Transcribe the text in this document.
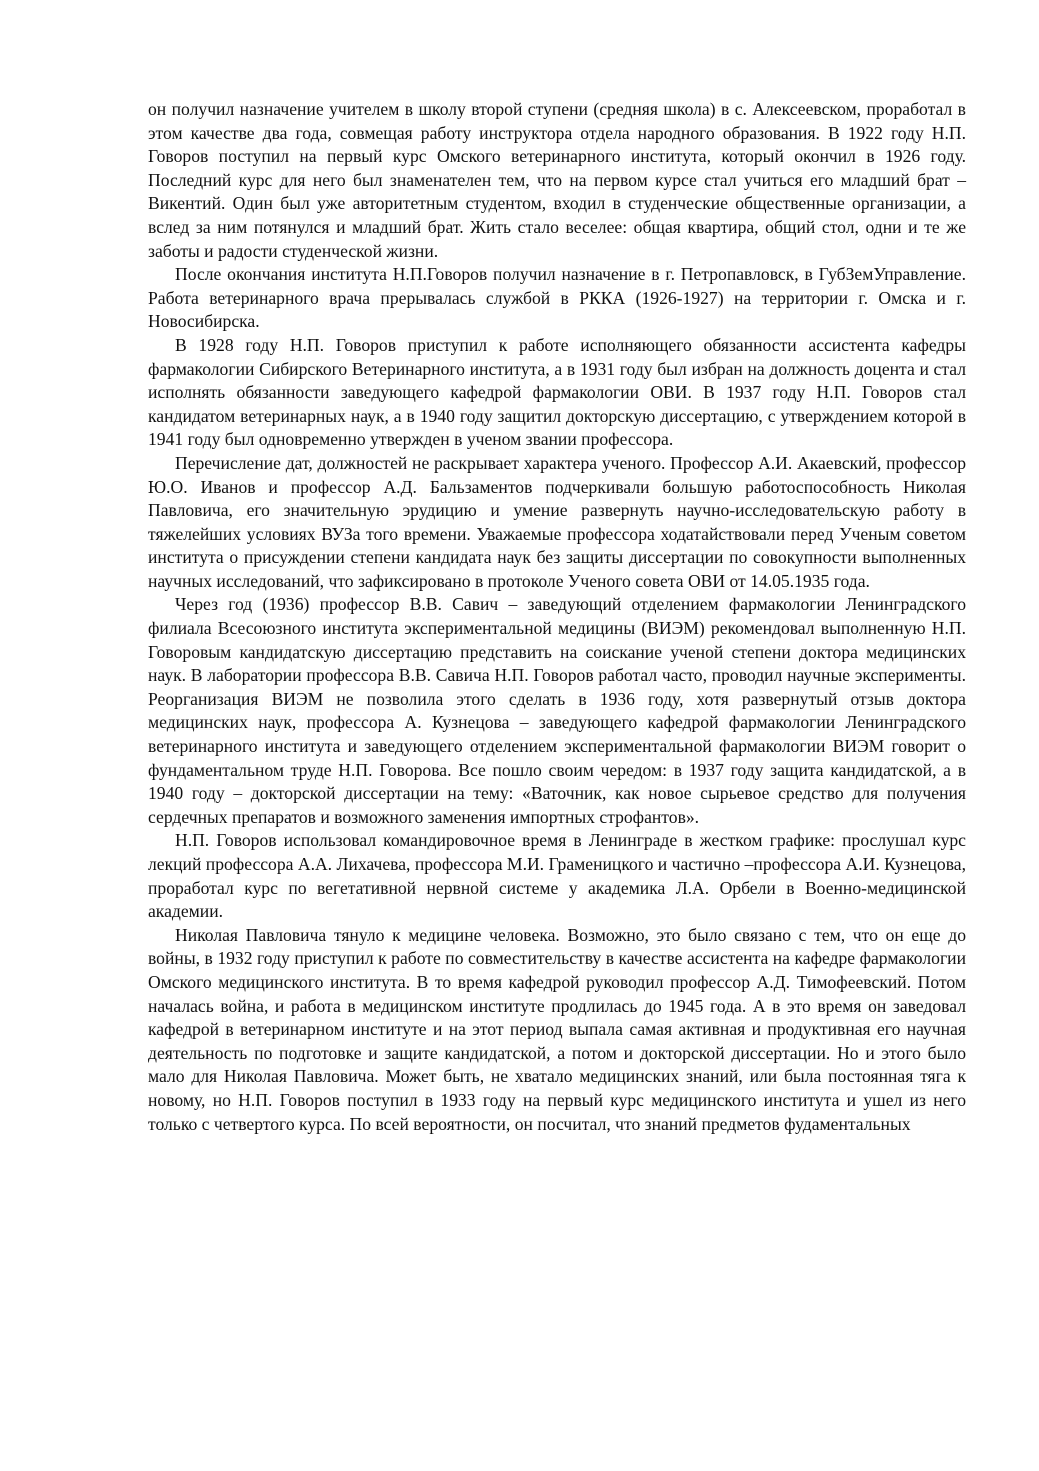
он получил назначение учителем в школу второй ступени (средняя школа) в с. Алексеевском, проработал в этом качестве два года, совмещая работу инструктора отдела народного образования. В 1922 году Н.П. Говоров поступил на первый курс Омского ветеринарного института, который окончил в 1926 году. Последний курс для него был знаменателен тем, что на первом курсе стал учиться его младший брат – Викентий. Один был уже авторитетным студентом, входил в студенческие общественные организации, а вслед за ним потянулся и младший брат. Жить стало веселее: общая квартира, общий стол, одни и те же заботы и радости студенческой жизни.

После окончания института Н.П.Говоров получил назначение в г. Петропавловск, в ГубЗемУправление. Работа ветеринарного врача прерывалась службой в РККА (1926-1927) на территории г. Омска и г. Новосибирска.

В 1928 году Н.П. Говоров приступил к работе исполняющего обязанности ассистента кафедры фармакологии Сибирского Ветеринарного института, а в 1931 году был избран на должность доцента и стал исполнять обязанности заведующего кафедрой фармакологии ОВИ. В 1937 году Н.П. Говоров стал кандидатом ветеринарных наук, а в 1940 году защитил докторскую диссертацию, с утверждением которой в 1941 году был одновременно утвержден в ученом звании профессора.

Перечисление дат, должностей не раскрывает характера ученого. Профессор А.И. Акаевский, профессор Ю.О. Иванов и профессор А.Д. Бальзаментов подчеркивали большую работоспособность Николая Павловича, его значительную эрудицию и умение развернуть научно-исследовательскую работу в тяжелейших условиях ВУЗа того времени. Уважаемые профессора ходатайствовали перед Ученым советом института о присуждении степени кандидата наук без защиты диссертации по совокупности выполненных научных исследований, что зафиксировано в протоколе Ученого совета ОВИ от 14.05.1935 года.

Через год (1936) профессор В.В. Савич – заведующий отделением фармакологии Ленинградского филиала Всесоюзного института экспериментальной медицины (ВИЭМ) рекомендовал выполненную Н.П. Говоровым кандидатскую диссертацию представить на соискание ученой степени доктора медицинских наук. В лаборатории профессора В.В. Савича Н.П. Говоров работал часто, проводил научные эксперименты. Реорганизация ВИЭМ не позволила этого сделать в 1936 году, хотя развернутый отзыв доктора медицинских наук, профессора А. Кузнецова – заведующего кафедрой фармакологии Ленинградского ветеринарного института и заведующего отделением экспериментальной фармакологии ВИЭМ говорит о фундаментальном труде Н.П. Говорова. Все пошло своим чередом: в 1937 году защита кандидатской, а в 1940 году – докторской диссертации на тему: «Ваточник, как новое сырьевое средство для получения сердечных препаратов и возможного заменения импортных строфантов».

Н.П. Говоров использовал командировочное время в Ленинграде в жестком графике: прослушал курс лекций профессора А.А. Лихачева, профессора М.И. Граменицкого и частично –профессора А.И. Кузнецова, проработал курс по вегетативной нервной системе у академика Л.А. Орбели в Военно-медицинской академии.

Николая Павловича тянуло к медицине человека. Возможно, это было связано с тем, что он еще до войны, в 1932 году приступил к работе по совместительству в качестве ассистента на кафедре фармакологии Омского медицинского института. В то время кафедрой руководил профессор А.Д. Тимофеевский. Потом началась война, и работа в медицинском институте продлилась до 1945 года. А в это время он заведовал кафедрой в ветеринарном институте и на этот период выпала самая активная и продуктивная его научная деятельность по подготовке и защите кандидатской, а потом и докторской диссертации. Но и этого было мало для Николая Павловича. Может быть, не хватало медицинских знаний, или была постоянная тяга к новому, но Н.П. Говоров поступил в 1933 году на первый курс медицинского института и ушел из него только с четвертого курса. По всей вероятности, он посчитал, что знаний предметов фудаментальных
